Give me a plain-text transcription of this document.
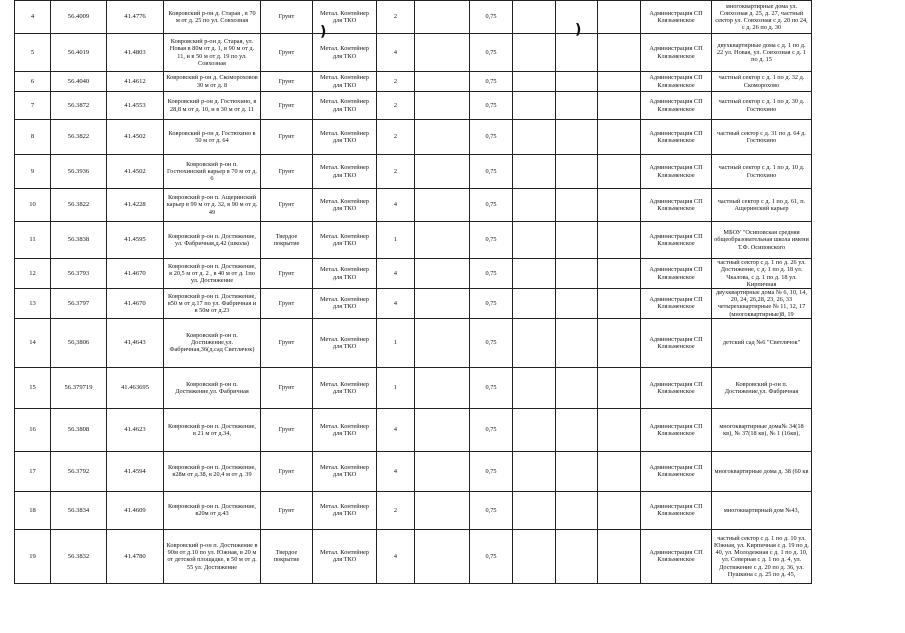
4	56.4009	41.4776	Ковровский р-он д. Старая , в 70 м от д. 25 по ул. Совхозная	Грунт	Метал. Контейнер для ТКО	2		0,75				Администрация СП Клязьменское	многоквартирные дома ул. Совхозная д. 25, д. 27, частный сектор ул. Совхозная с д. 20 по 24, с д. 26 по д. 30
5	56.4019	41.4803	Ковровский р-он д. Старая, ул. Новая в 80м от д. 1, в 90 м от д. 11, и в 50 м от д. 19 по ул. Совхозная	Грунт	Метал. Контейнер для ТКО	4		0,75				Администрация СП Клязьменское	двухквартирные дома с д. 1 по д. 22 ул. Новая, ул. Совхозная с д. 1 по д. 15
6	56.4040	41.4612	Ковровский р-он д. Скомороховов 30 м от д. 8	Грунт	Метал. Контейнер для ТКО	2		0,75				Администрация СП Клязьменское	частный сектор с д. 1 по д. 32 д. Скоморохово
7	56.3872	41.4553	Ковровский р-он д. Гостюхино, в 28,8 м от д. 10, и в 30 м от д. 11	Грунт	Метал. Контейнер для ТКО	2		0,75				Администрация СП Клязьменское	частный сектор с д. 1 по д. 30 д. Гостюхино
8	56.3822	41.4502	Ковровский р-он д. Гостюхино в 50 м от д. 64	Грунт	Метал. Контейнер для ТКО	2		0,75				Администрация СП Клязьменское	частный сектор с д. 31 по д. 64 д. Гостюхино
9	56.3936	41.4502	Ковровский р-он п. Гостюхинский карьер в 70 м от д. 6	Грунт	Метал. Контейнер для ТКО	2		0,75				Администрация СП Клязьменское	частный сектор с д. 1 по д. 10 д. Гостюхино
10	56.3822	41.4228	Ковровский р-он п. Ащеринский карьер в 99 м от д. 32, в 90 м от д. 49	Грунт	Метал. Контейнер для ТКО	4		0,75				Администрация СП Клязьменское	частный сектор с д. 1 по д. 61, п. Ащеринский карьер
11	56.3838	41.4595	Ковровский р-он п. Достижение, ул. Фабричная,д.42 (школа)	Твердое покрытие	Метал. Контейнер для ТКО	1		0,75				Администрация СП Клязьменское	МБОУ "Осиповская средняя общеобразовательная школа имени Т.Ф. Осиповского
12	56.3793	41.4670	Ковровский р-он п. Достижение, в 20,5 м от д. 2 , в 40 м от д. 1по ул. Достижение	Грунт	Метал. Контейнер для ТКО	4		0,75				Администрация СП Клязьменское	частный сектор с д. 1 по д. 26 ул. Достижение, с д. 1 по д. 18 ул. Чкалова, с д. 1 по д. 18 ул. Кирпичная
13	56.3797	41.4670	Ковровский р-он п. Достижение, в50 м от д.17 по ул. Фабричная и в 50м от д.23	Грунт	Метал. Контейнер для ТКО	4		0,75				Администрация СП Клязьменское	двухквартирные дома № 6, 10, 14, 20, 24, 26,28, 23, 26, 33 четырехквартирные № 11, 12, 17 (многоквартирные)8, 19
14	56,3806	41,4643	Ковровский р-он п. Достижение,ул. Фабричная,36(д.сад Светлячок)	Грунт	Метал. Контейнер для ТКО	1		0,75				Администрация СП Клязьменское	детский сад №6 "Светлячок"
15	56.379719	41.463695	Ковровский р-он п. Достижение,ул. Фабричная	Грунт	Метал. Контейнер для ТКО	1		0,75				Администрация СП Клязьменское	Ковровский р-он п. Достижение,ул. Фабричная
16	56.3808	41.4623	Ковровский р-он п. Достижение, в 21 м от д.34,	Грунт	Метал. Контейнер для ТКО	4		0,75				Администрация СП Клязьменское	многоквартирные дома№ 34(18 кв), № 37(18 кв), № 1 (16кв),
17	56.3792	41.4594	Ковровский р-он п. Достижение, в28м от д.38, в 20,4 м от д. 39	Грунт	Метал. Контейнер для ТКО	4		0,75				Администрация СП Клязьменское	многоквартирные дома д. 38 (60 кв
18	56.3834	41.4609	Ковровский р-он п. Достижение, в20м от д.43	Грунт	Метал. Контейнер для ТКО	2		0,75				Администрация СП Клязьменское	многоквартирный дом №43,
19	56.3832	41.4780	Ковровский р-он п. Достижение в 90м от д.10 по ул. Южная, в 20 м от детской площадке, в 50 м от д. 55 ул. Достижение	Твердое покрытие	Метал. Контейнер для ТКО	4		0,75				Администрация СП Клязьменское	частный сектор с д. 1 по д. 10 ул. Южная, ул. Кирпичная с д. 19 по д. 40, ул. Молодежная с д. 1 по д. 10, ул. Северная с д. 1 по д. 4, ул. Достижение с д. 20 по д. 36, ул. Пушкина с д. 25 по д. 45,
)	)
